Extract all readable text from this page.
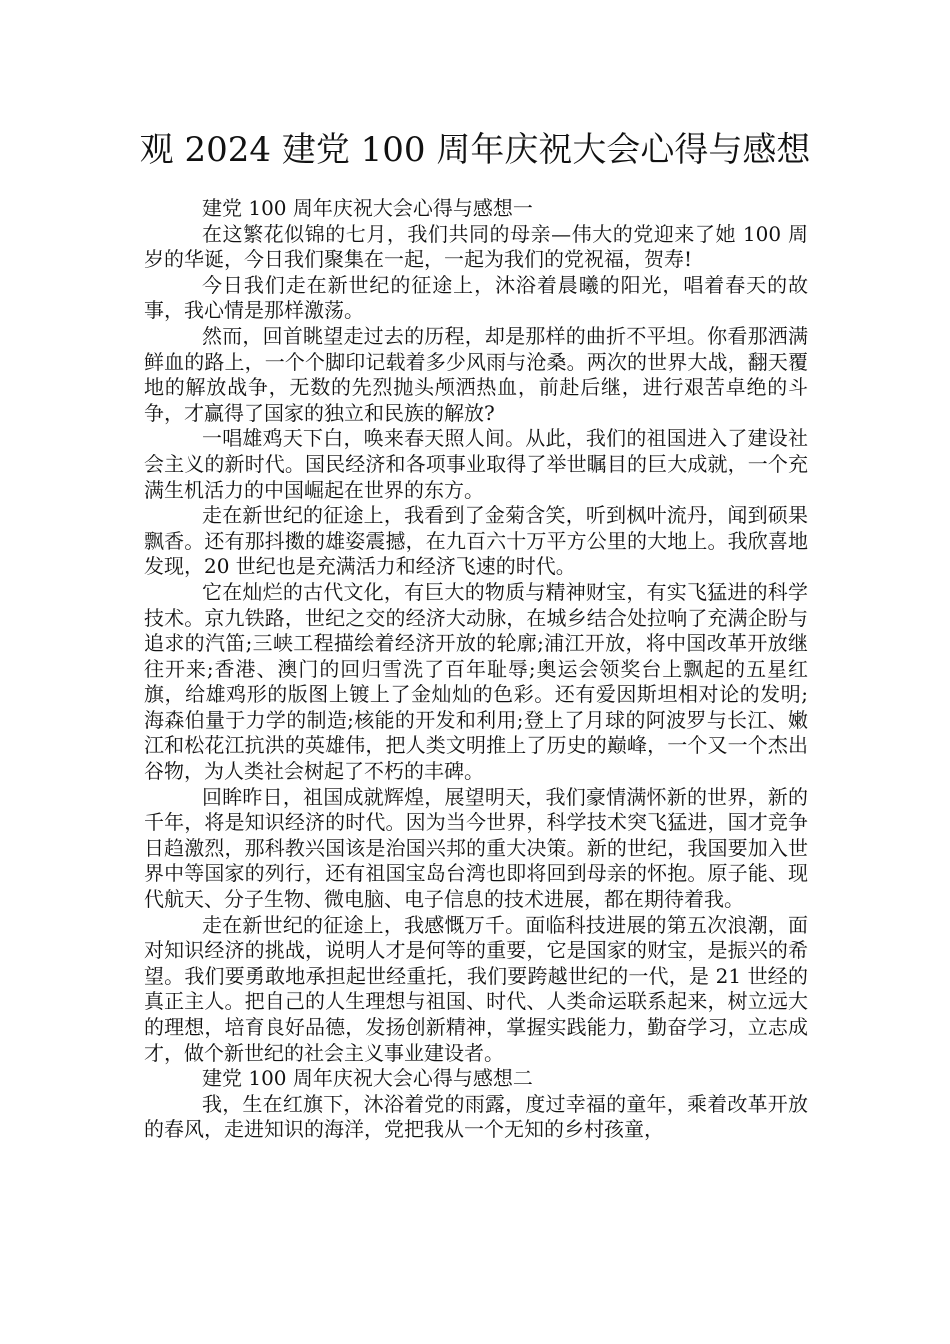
观 2024 建党 100 周年庆祝大会心得与感想

建党 100 周年庆祝大会心得与感想一

在这繁花似锦的七月，我们共同的母亲—伟大的党迎来了她 100 周岁的华诞，今日我们聚集在一起，一起为我们的党祝福，贺寿!

今日我们走在新世纪的征途上，沐浴着晨曦的阳光，唱着春天的故事，我心情是那样激荡。

然而，回首眺望走过去的历程，却是那样的曲折不平坦。你看那洒满鲜血的路上，一个个脚印记载着多少风雨与沧桑。两次的世界大战，翻天覆地的解放战争，无数的先烈抛头颅洒热血，前赴后继，进行艰苦卓绝的斗争，才赢得了国家的独立和民族的解放?

一唱雄鸡天下白，唤来春天照人间。从此，我们的祖国进入了建设社会主义的新时代。国民经济和各项事业取得了举世瞩目的巨大成就，一个充满生机活力的中国崛起在世界的东方。

走在新世纪的征途上，我看到了金菊含笑，听到枫叶流丹，闻到硕果飘香。还有那抖擞的雄姿震撼，在九百六十万平方公里的大地上。我欣喜地发现，20 世纪也是充满活力和经济飞速的时代。

它在灿烂的古代文化，有巨大的物质与精神财宝，有实飞猛进的科学技术。京九铁路，世纪之交的经济大动脉，在城乡结合处拉响了充满企盼与追求的汽笛;三峡工程描绘着经济开放的轮廓;浦江开放，将中国改革开放继往开来;香港、澳门的回归雪洗了百年耻辱;奥运会领奖台上飘起的五星红旗，给雄鸡形的版图上镀上了金灿灿的色彩。还有爱因斯坦相对论的发明;海森伯量于力学的制造;核能的开发和利用;登上了月球的阿波罗与长江、嫩江和松花江抗洪的英雄伟，把人类文明推上了历史的巅峰，一个又一个杰出谷物，为人类社会树起了不朽的丰碑。

回眸昨日，祖国成就辉煌，展望明天，我们豪情满怀新的世界，新的千年，将是知识经济的时代。因为当今世界，科学技术突飞猛进，国才竞争日趋激烈，那科教兴国该是治国兴邦的重大决策。新的世纪，我国要加入世界中等国家的列行，还有祖国宝岛台湾也即将回到母亲的怀抱。原子能、现代航天、分子生物、微电脑、电子信息的技术进展，都在期待着我。

走在新世纪的征途上，我感慨万千。面临科技进展的第五次浪潮，面对知识经济的挑战，说明人才是何等的重要，它是国家的财宝，是振兴的希望。我们要勇敢地承担起世经重托，我们要跨越世纪的一代，是 21 世经的真正主人。把自己的人生理想与祖国、时代、人类命运联系起来，树立远大的理想，培育良好品德，发扬创新精神，掌握实践能力，勤奋学习，立志成才，做个新世纪的社会主义事业建设者。

建党 100 周年庆祝大会心得与感想二

我，生在红旗下，沐浴着党的雨露，度过幸福的童年，乘着改革开放的春风，走进知识的海洋，党把我从一个无知的乡村孩童，
